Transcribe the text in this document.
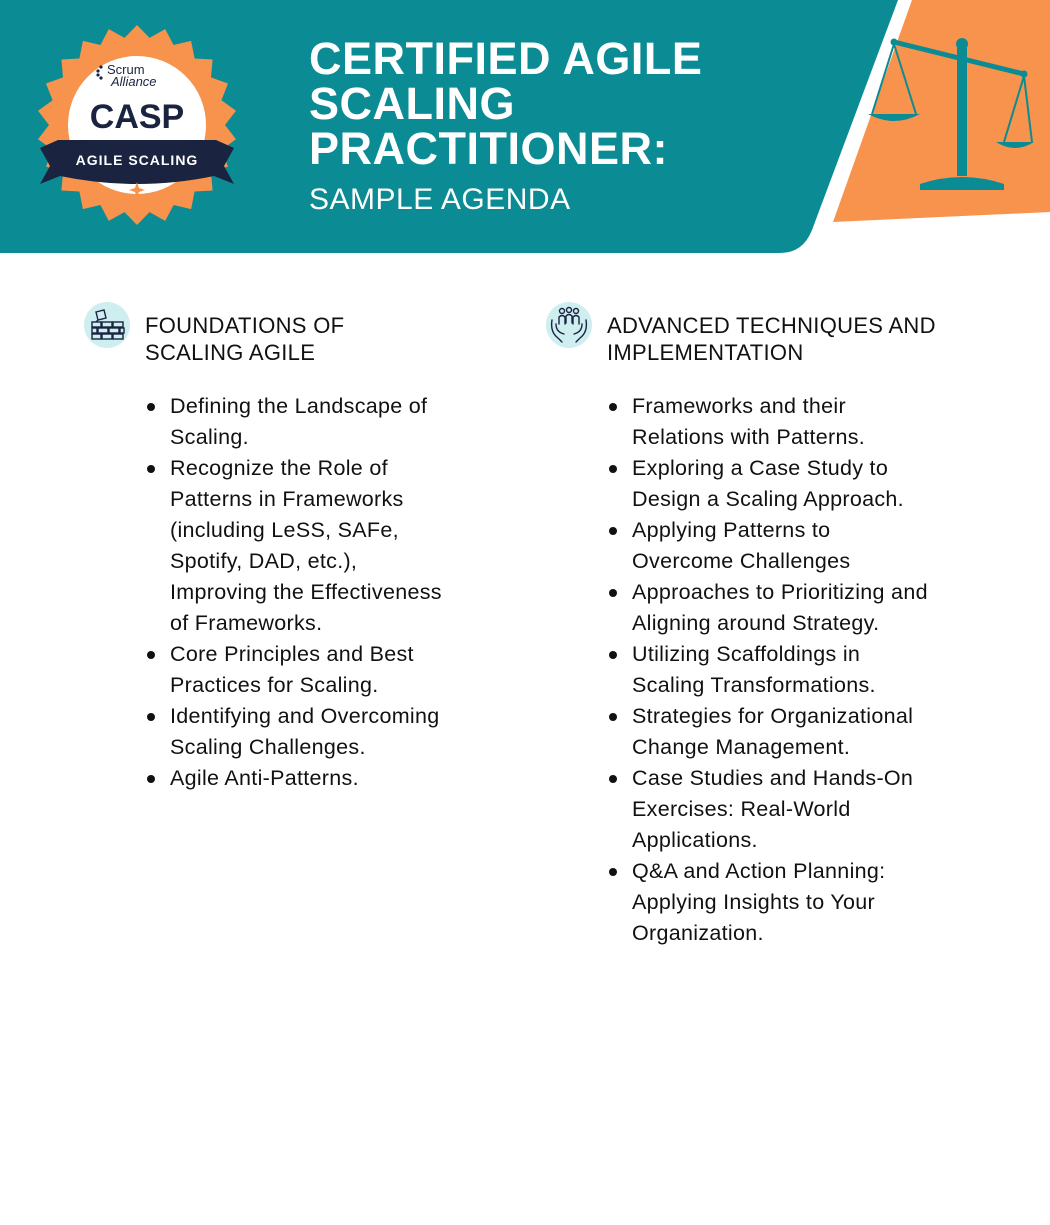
Scrum
Alliance
CASP
AGILE SCALING
CERTIFIED AGILE
SCALING
PRACTITIONER:
SAMPLE AGENDA
FOUNDATIONS OF
SCALING AGILE
Defining the Landscape of
Scaling.
Recognize the Role of
Patterns in Frameworks
(including LeSS, SAFe,
Spotify, DAD, etc.),
Improving the Effectiveness
of Frameworks.
Core Principles and Best
Practices for Scaling.
Identifying and Overcoming
Scaling Challenges.
Agile Anti-Patterns.
ADVANCED TECHNIQUES AND
IMPLEMENTATION
Frameworks and their
Relations with Patterns.
Exploring a Case Study to
Design a Scaling Approach.
Applying Patterns to
Overcome Challenges
Approaches to Prioritizing and
Aligning around Strategy.
Utilizing Scaffoldings in
Scaling Transformations.
Strategies for Organizational
Change Management.
Case Studies and Hands-On
Exercises: Real-World
Applications.
Q&A and Action Planning:
Applying Insights to Your
Organization.
